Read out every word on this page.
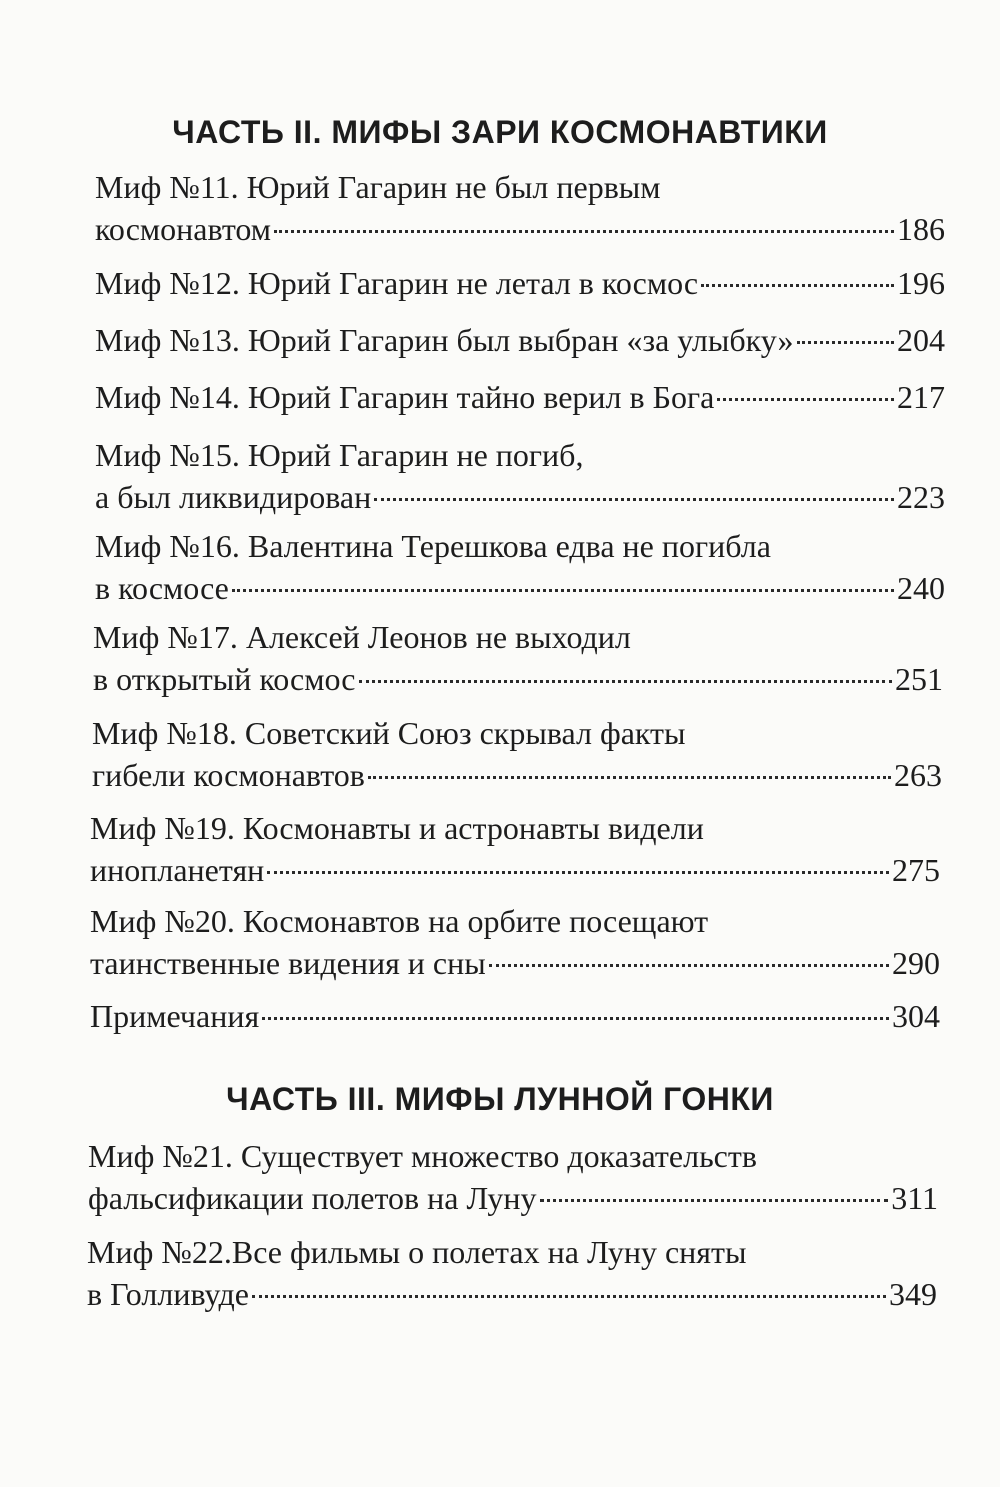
ЧАСТЬ II. МИФЫ ЗАРИ КОСМОНАВТИКИ
Миф №11. Юрий Гагарин не был первым
космонавтом	186
Миф №12. Юрий Гагарин не летал в космос	196
Миф №13. Юрий Гагарин был выбран «за улыбку»	204
Миф №14. Юрий Гагарин тайно верил в Бога	217
Миф №15. Юрий Гагарин не погиб,
а был ликвидирован	223
Миф №16. Валентина Терешкова едва не погибла
в космосе	240
Миф №17. Алексей Леонов не выходил
в открытый космос	251
Миф №18. Советский Союз скрывал факты
гибели космонавтов	263
Миф №19. Космонавты и астронавты видели
инопланетян	275
Миф №20. Космонавтов на орбите посещают
таинственные видения и сны	290
Примечания	304
ЧАСТЬ III. МИФЫ ЛУННОЙ ГОНКИ
Миф №21. Существует множество доказательств
фальсификации полетов на Луну	311
Миф №22.Все фильмы о полетах на Луну сняты
в Голливуде	349
